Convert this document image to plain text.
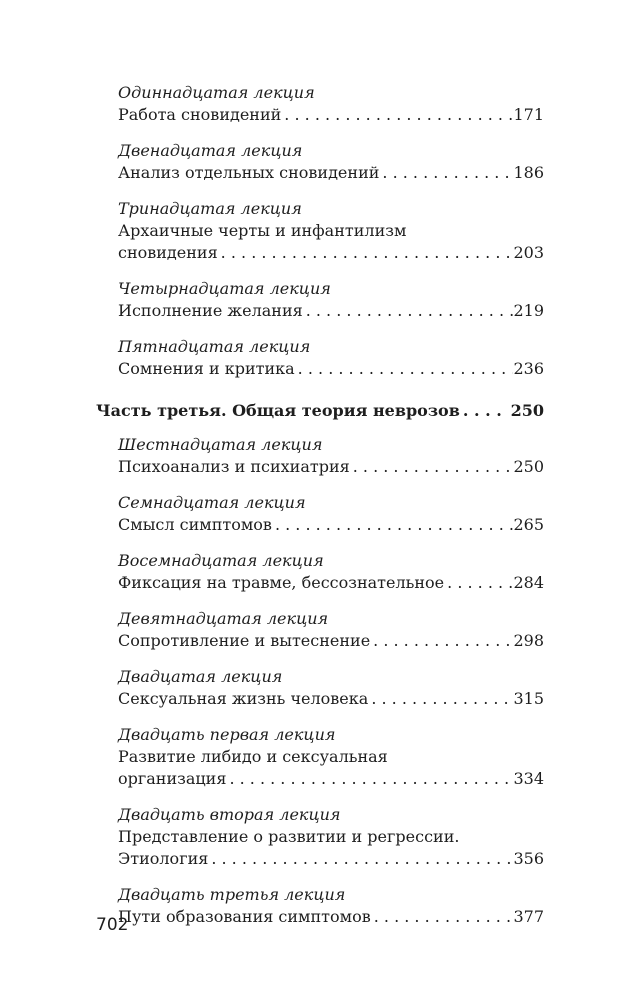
Одиннадцатая лекция
Работа сновидений . . .	171
Двенадцатая лекция
Анализ отдельных сновидений . . .	186
Тринадцатая лекция
Архаичные черты и инфантилизм
сновидения . . .	203
Четырнадцатая лекция
Исполнение желания . . .	219
Пятнадцатая лекция
Сомнения и критика . . .	236
Часть третья. Общая теория неврозов . . .	250
Шестнадцатая лекция
Психоанализ и психиатрия . . .	250
Семнадцатая лекция
Смысл симптомов . . .	265
Восемнадцатая лекция
Фиксация на травме, бессознательное . . .	284
Девятнадцатая лекция
Сопротивление и вытеснение . . .	298
Двадцатая лекция
Сексуальная жизнь человека . . .	315
Двадцать первая лекция
Развитие либидо и сексуальная
организация . . .	334
Двадцать вторая лекция
Представление о развитии и регрессии.
Этиология . . .	356
Двадцать третья лекция
Пути образования симптомов . . .	377
702
